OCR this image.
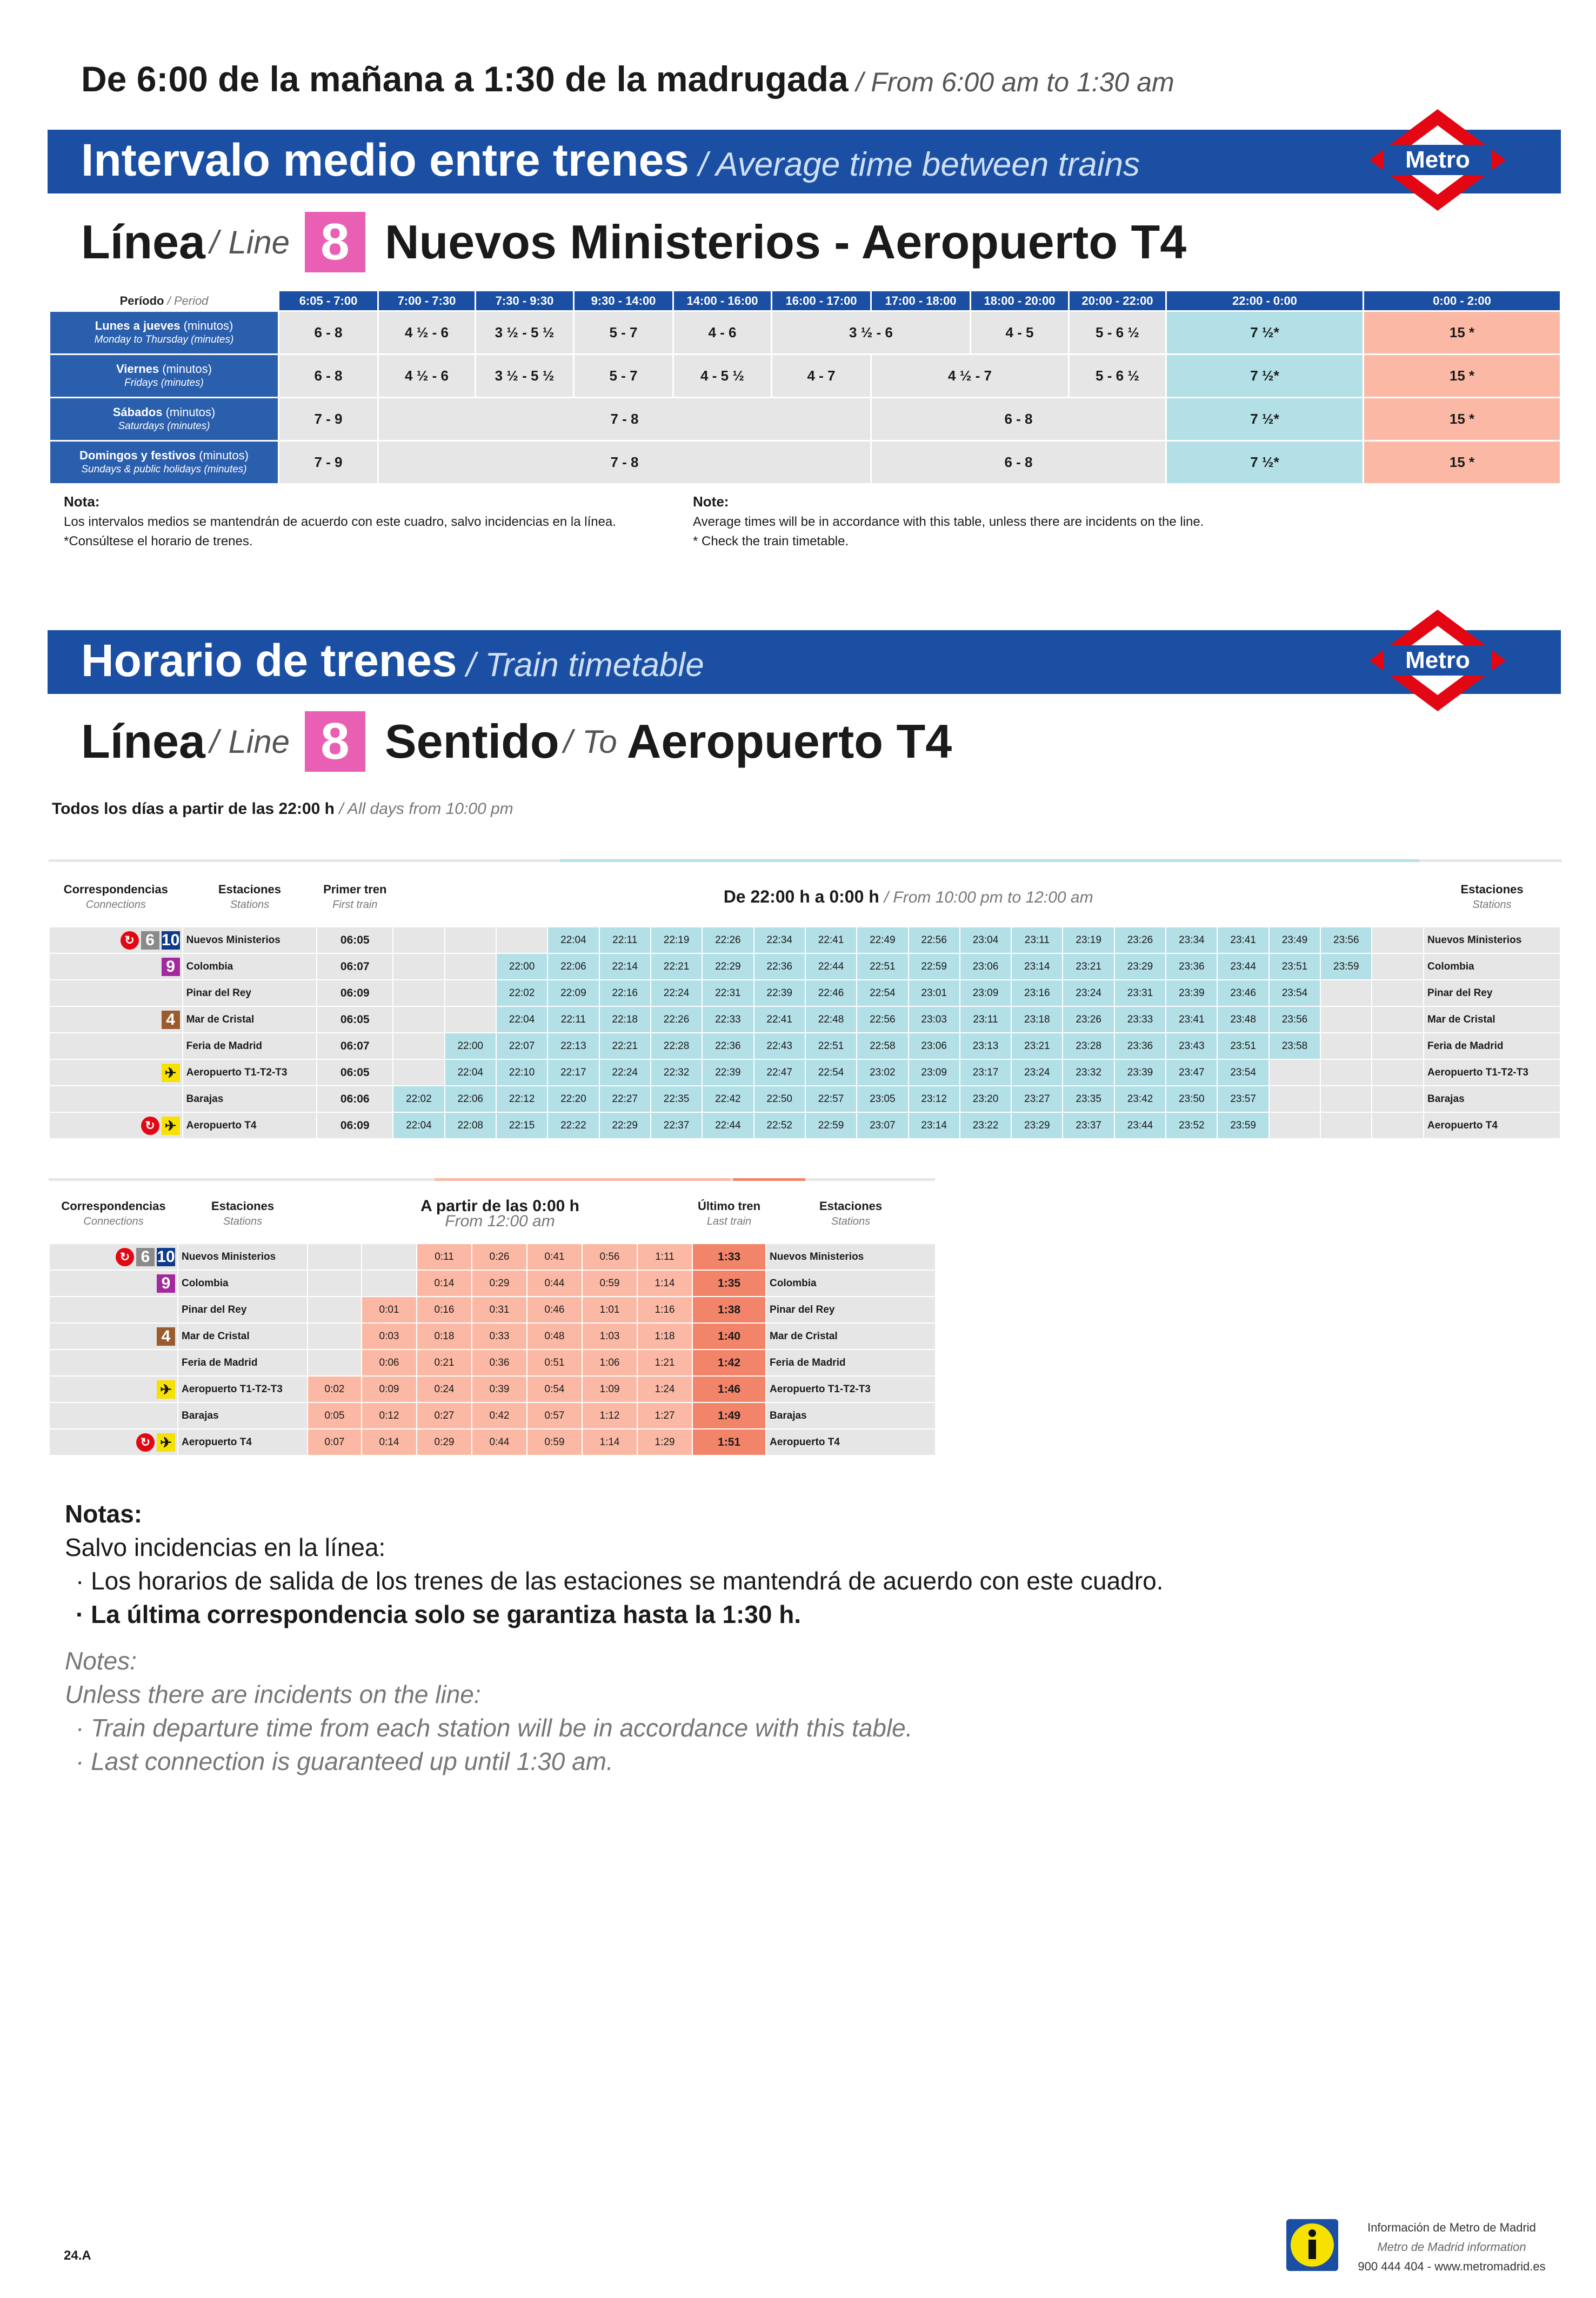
De 6:00 de la mañana a 1:30 de la madrugada / From 6:00 am to 1:30 am
Intervalo medio entre trenes / Average time between trains	Metro
Línea / Line 8 Nuevos Ministerios - Aeropuerto T4
Período / Period	6:05 - 7:00	7:00 - 7:30	7:30 - 9:30	9:30 - 14:00	14:00 - 16:00	16:00 - 17:00	17:00 - 18:00	18:00 - 20:00	20:00 - 22:00	22:00 - 0:00	0:00 - 2:00

Lunes a jueves (minutos)
Monday to Thursday (minutes)	6 - 8	4 ½ - 6	3 ½ - 5 ½	5 - 7	4 - 6	3 ½ - 6		4 - 5	5 - 6 ½	7 ½*	15 *

Viernes (minutos)
Fridays (minutes)	6 - 8	4 ½ - 6	3 ½ - 5 ½	5 - 7	4 - 5 ½	4 - 7	4 ½ - 7		5 - 6 ½	7 ½*	15 *

Sábados (minutos)
Saturdays (minutes)	7 - 9	7 - 8					6 - 8			7 ½*	15 *

Domingos y festivos (minutos)
Sundays & public holidays (minutes)	7 - 9	7 - 8					6 - 8			7 ½*	15 *
Nota:
Los intervalos medios se mantendrán de acuerdo con este cuadro, salvo incidencias en la línea.
*Consúltese el horario de trenes.
Note:
Average times will be in accordance with this table, unless there are incidents on the line.
* Check the train timetable.
Horario de trenes / Train timetable	Metro
Línea / Line 8 Sentido / To Aeropuerto T4
Todos los días a partir de las 22:00 h / All days from 10:00 pm
Correspondencias
Connections	Estaciones
Stations	Primer tren
First train	De 22:00 h a 0:00 h / From 10:00 pm to 12:00 am																				Estaciones
Stations

↻ 6 10	Nuevos Ministerios	06:05				22:04	22:11	22:19	22:26	22:34	22:41	22:49	22:56	23:04	23:11	23:19	23:26	23:34	23:41	23:49	23:56		Nuevos Ministerios
9	Colombia	06:07			22:00	22:06	22:14	22:21	22:29	22:36	22:44	22:51	22:59	23:06	23:14	23:21	23:29	23:36	23:44	23:51	23:59		Colombia
	Pinar del Rey	06:09			22:02	22:09	22:16	22:24	22:31	22:39	22:46	22:54	23:01	23:09	23:16	23:24	23:31	23:39	23:46	23:54			Pinar del Rey
4	Mar de Cristal	06:05			22:04	22:11	22:18	22:26	22:33	22:41	22:48	22:56	23:03	23:11	23:18	23:26	23:33	23:41	23:48	23:56			Mar de Cristal
	Feria de Madrid	06:07		22:00	22:07	22:13	22:21	22:28	22:36	22:43	22:51	22:58	23:06	23:13	23:21	23:28	23:36	23:43	23:51	23:58			Feria de Madrid
✈	Aeropuerto T1-T2-T3	06:05		22:04	22:10	22:17	22:24	22:32	22:39	22:47	22:54	23:02	23:09	23:17	23:24	23:32	23:39	23:47	23:54				Aeropuerto T1-T2-T3
	Barajas	06:06	22:02	22:06	22:12	22:20	22:27	22:35	22:42	22:50	22:57	23:05	23:12	23:20	23:27	23:35	23:42	23:50	23:57				Barajas
↻ ✈	Aeropuerto T4	06:09	22:04	22:08	22:15	22:22	22:29	22:37	22:44	22:52	22:59	23:07	23:14	23:22	23:29	23:37	23:44	23:52	23:59				Aeropuerto T4
Correspondencias
Connections	Estaciones
Stations	A partir de las 0:00 h
From 12:00 am							Último tren
Last train	Estaciones
Stations

↻ 6 10	Nuevos Ministerios			0:11	0:26	0:41	0:56	1:11	1:33	Nuevos Ministerios
9	Colombia			0:14	0:29	0:44	0:59	1:14	1:35	Colombia
	Pinar del Rey		0:01	0:16	0:31	0:46	1:01	1:16	1:38	Pinar del Rey
4	Mar de Cristal		0:03	0:18	0:33	0:48	1:03	1:18	1:40	Mar de Cristal
	Feria de Madrid		0:06	0:21	0:36	0:51	1:06	1:21	1:42	Feria de Madrid
✈	Aeropuerto T1-T2-T3	0:02	0:09	0:24	0:39	0:54	1:09	1:24	1:46	Aeropuerto T1-T2-T3
	Barajas	0:05	0:12	0:27	0:42	0:57	1:12	1:27	1:49	Barajas
↻ ✈	Aeropuerto T4	0:07	0:14	0:29	0:44	0:59	1:14	1:29	1:51	Aeropuerto T4
Notas:
Salvo incidencias en la línea:
· Los horarios de salida de los trenes de las estaciones se mantendrá de acuerdo con este cuadro.
· La última correspondencia solo se garantiza hasta la 1:30 h.
Notes:
Unless there are incidents on the line:
· Train departure time from each station will be in accordance with this table.
· Last connection is guaranteed up until 1:30 am.
24.A
Información de Metro de Madrid
Metro de Madrid information
900 444 404 - www.metromadrid.es
